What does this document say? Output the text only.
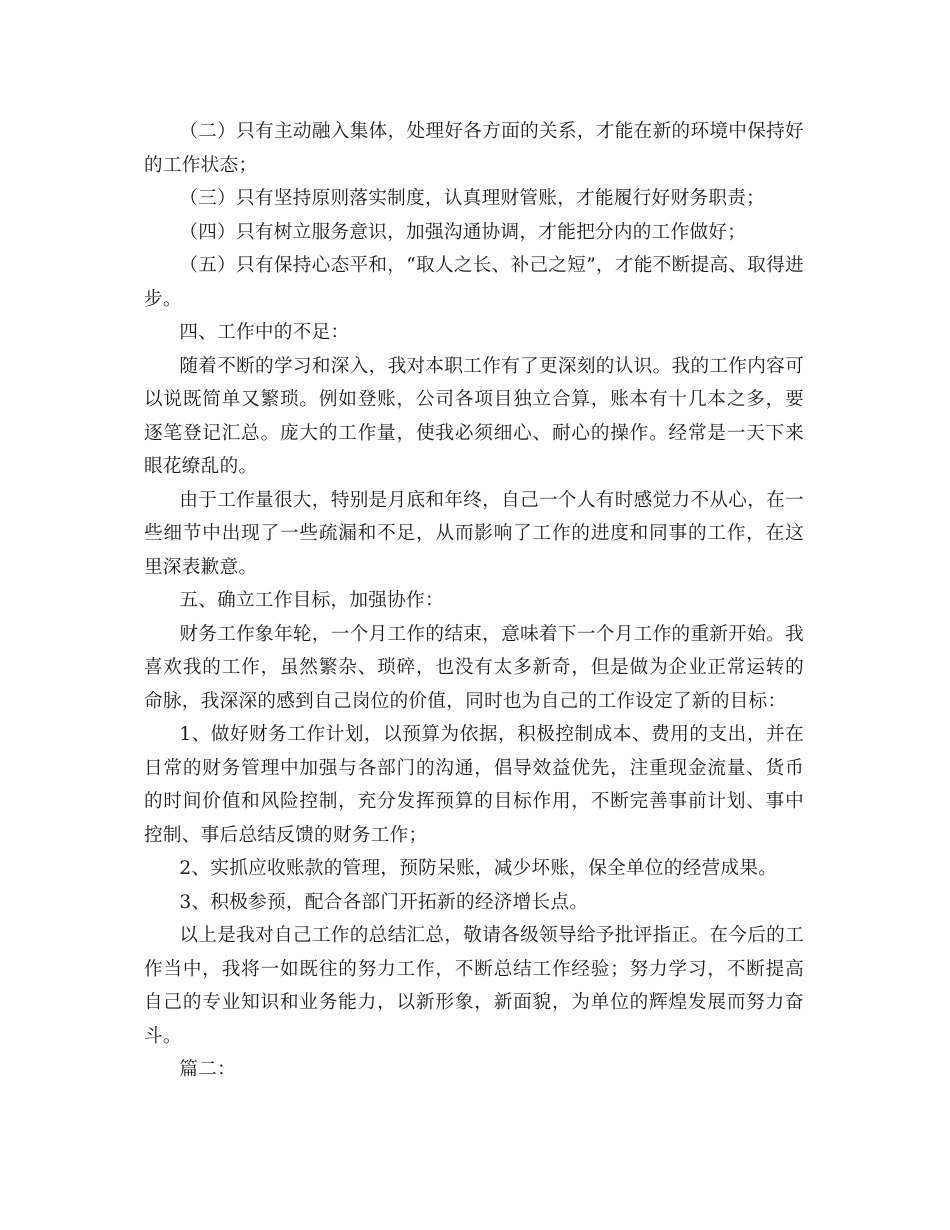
（二）只有主动融入集体，处理好各方面的关系，才能在新的环境中保持好的工作状态；

（三）只有坚持原则落实制度，认真理财管账，才能履行好财务职责；

（四）只有树立服务意识，加强沟通协调，才能把分内的工作做好；

（五）只有保持心态平和，“取人之长、补己之短”，才能不断提高、取得进步。

四、工作中的不足：

随着不断的学习和深入，我对本职工作有了更深刻的认识。我的工作内容可以说既简单又繁琐。例如登账，公司各项目独立合算，账本有十几本之多，要逐笔登记汇总。庞大的工作量，使我必须细心、耐心的操作。经常是一天下来眼花缭乱的。

由于工作量很大，特别是月底和年终，自己一个人有时感觉力不从心，在一些细节中出现了一些疏漏和不足，从而影响了工作的进度和同事的工作，在这里深表歉意。

五、确立工作目标，加强协作：

财务工作象年轮，一个月工作的结束，意味着下一个月工作的重新开始。我喜欢我的工作，虽然繁杂、琐碎，也没有太多新奇，但是做为企业正常运转的命脉，我深深的感到自己岗位的价值，同时也为自己的工作设定了新的目标：

1、做好财务工作计划，以预算为依据，积极控制成本、费用的支出，并在日常的财务管理中加强与各部门的沟通，倡导效益优先，注重现金流量、货币的时间价值和风险控制，充分发挥预算的目标作用，不断完善事前计划、事中控制、事后总结反馈的财务工作；

2、实抓应收账款的管理，预防呆账，减少坏账，保全单位的经营成果。

3、积极参预，配合各部门开拓新的经济增长点。

以上是我对自己工作的总结汇总，敬请各级领导给予批评指正。在今后的工作当中，我将一如既往的努力工作，不断总结工作经验；努力学习，不断提高自己的专业知识和业务能力，以新形象，新面貌，为单位的辉煌发展而努力奋斗。

篇二：
